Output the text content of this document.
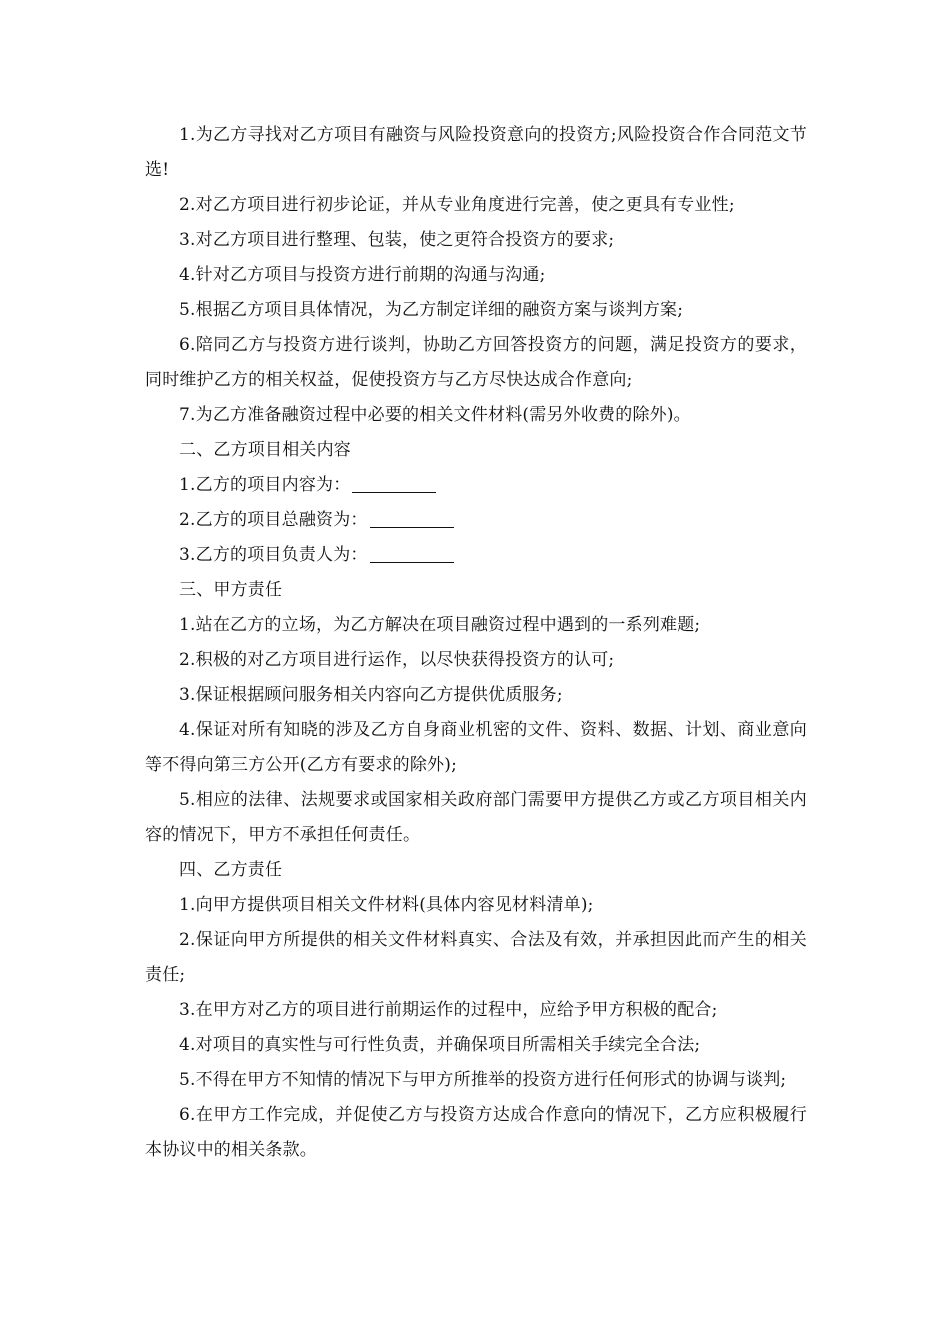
1.为乙方寻找对乙方项目有融资与风险投资意向的投资方;风险投资合作合同范文节选!

2.对乙方项目进行初步论证，并从专业角度进行完善，使之更具有专业性;

3.对乙方项目进行整理、包装，使之更符合投资方的要求;

4.针对乙方项目与投资方进行前期的沟通与沟通;

5.根据乙方项目具体情况，为乙方制定详细的融资方案与谈判方案;

6.陪同乙方与投资方进行谈判，协助乙方回答投资方的问题，满足投资方的要求，同时维护乙方的相关权益，促使投资方与乙方尽快达成合作意向;

7.为乙方准备融资过程中必要的相关文件材料(需另外收费的除外)。

二、乙方项目相关内容

1.乙方的项目内容为：

2.乙方的项目总融资为：

3.乙方的项目负责人为：

三、甲方责任

1.站在乙方的立场，为乙方解决在项目融资过程中遇到的一系列难题;

2.积极的对乙方项目进行运作，以尽快获得投资方的认可;

3.保证根据顾问服务相关内容向乙方提供优质服务;

4.保证对所有知晓的涉及乙方自身商业机密的文件、资料、数据、计划、商业意向等不得向第三方公开(乙方有要求的除外);

5.相应的法律、法规要求或国家相关政府部门需要甲方提供乙方或乙方项目相关内容的情况下，甲方不承担任何责任。

四、乙方责任

1.向甲方提供项目相关文件材料(具体内容见材料清单);

2.保证向甲方所提供的相关文件材料真实、合法及有效，并承担因此而产生的相关责任;

3.在甲方对乙方的项目进行前期运作的过程中，应给予甲方积极的配合;

4.对项目的真实性与可行性负责，并确保项目所需相关手续完全合法;

5.不得在甲方不知情的情况下与甲方所推举的投资方进行任何形式的协调与谈判;

6.在甲方工作完成，并促使乙方与投资方达成合作意向的情况下，乙方应积极履行本协议中的相关条款。
